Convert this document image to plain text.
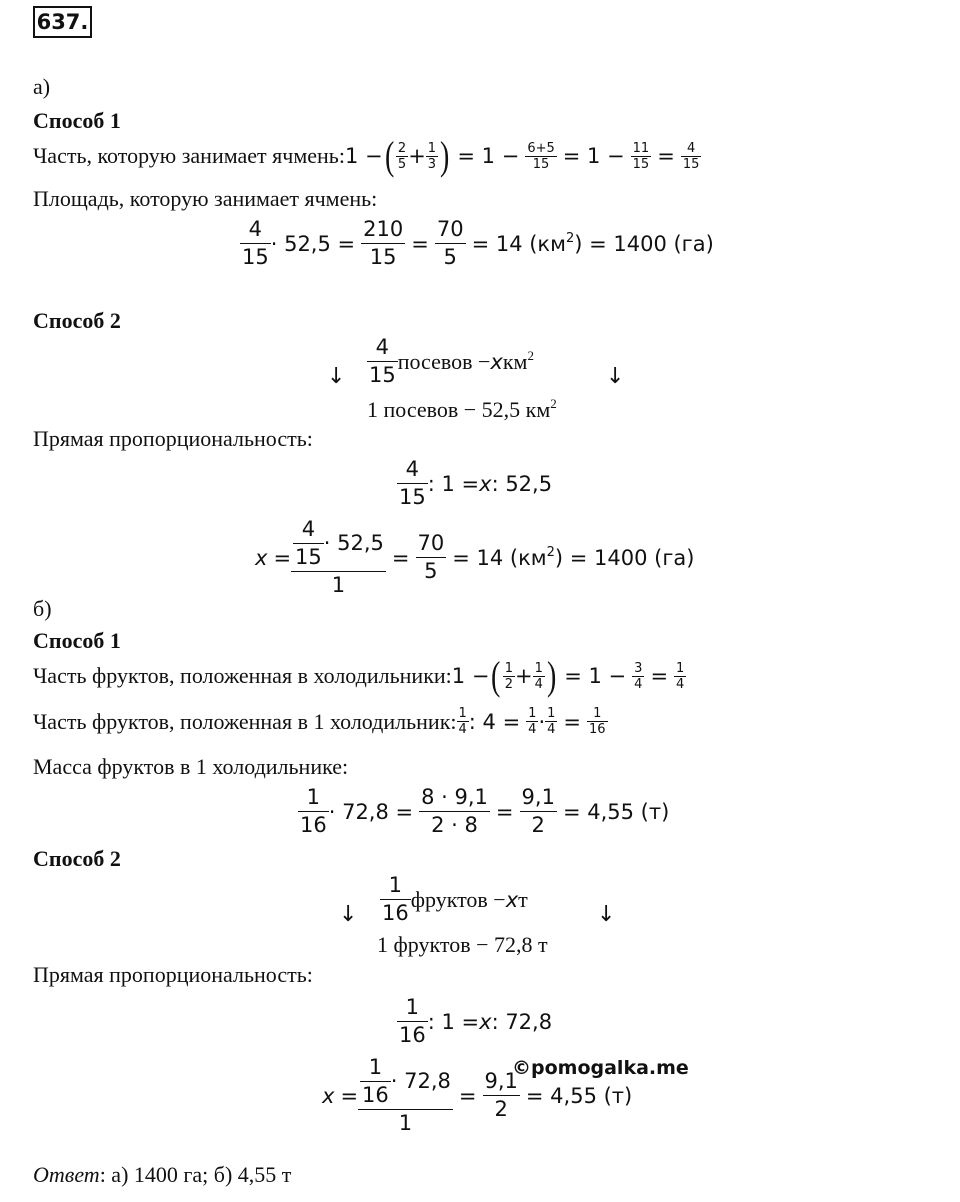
637.
а)
Способ 1
Часть, которую занимает ячмень: 1 − ( $\frac{2}{5} + \frac{1}{3}$ ) = $1 - \frac{6+5}{15} = 1 - \frac{11}{15} = \frac{4}{15}$
Площадь, которую занимает ячмень:
$\frac{4}{15} \cdot 52,5 = \frac{210}{15} = \frac{70}{5} = 14$ $(км^2) = 1400$ (га)
Способ 2
↓ $\frac{4}{15}$ посевов − x $км^2$
↓
1 посевов − 52,5 $км^2$
Прямая пропорциональность:
$\frac{4}{15}$ : 1 = x : 52,5
$x = \frac{\frac{4}{15} \cdot 52,5}{1} = \frac{70}{5} = 14$ $(км^2) = 1400$ (га)
б)
Способ 1
Часть фруктов, положенная в холодильники: 1 − ( $\frac{1}{2} + \frac{1}{4}$ ) = $1 - \frac{3}{4} = \frac{1}{4}$
Часть фруктов, положенная в 1 холодильник: $\frac{1}{4}$ : $4 = \frac{1}{4} \cdot \frac{1}{4} = \frac{1}{16}$
Масса фруктов в 1 холодильнике:
$\frac{1}{16} \cdot 72,8 = \frac{8 \cdot 9,1}{2 \cdot 8} = \frac{9,1}{2} = 4,55$ (т)
Способ 2
↓ $\frac{1}{16}$ фруктов − x т
↓
1 фруктов − 72,8 т
Прямая пропорциональность:
$\frac{1}{16}$ : 1 = x : 72,8
©pomogalka.me
$x = \frac{\frac{1}{16} \cdot 72,8}{1} = \frac{9,1}{2} = 4,55$ (т)
Ответ: а) 1400 га; б) 4,55 т
